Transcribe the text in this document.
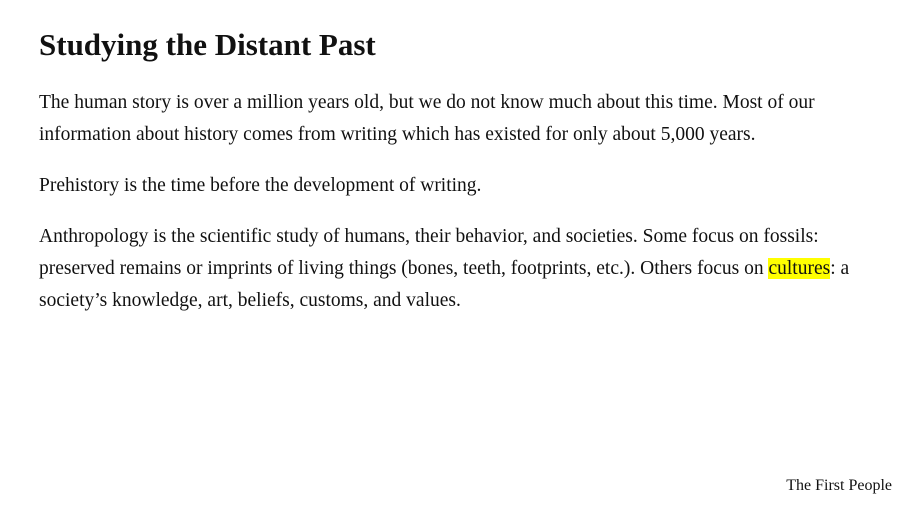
Studying the Distant Past

The human story is over a million years old, but we do not know much about this time. Most of our information about history comes from writing which has existed for only about 5,000 years.

Prehistory is the time before the development of writing.

Anthropology is the scientific study of humans, their behavior, and societies. Some focus on fossils: preserved remains or imprints of living things (bones, teeth, footprints, etc.). Others focus on cultures: a society’s knowledge, art, beliefs, customs, and values.

The First People
